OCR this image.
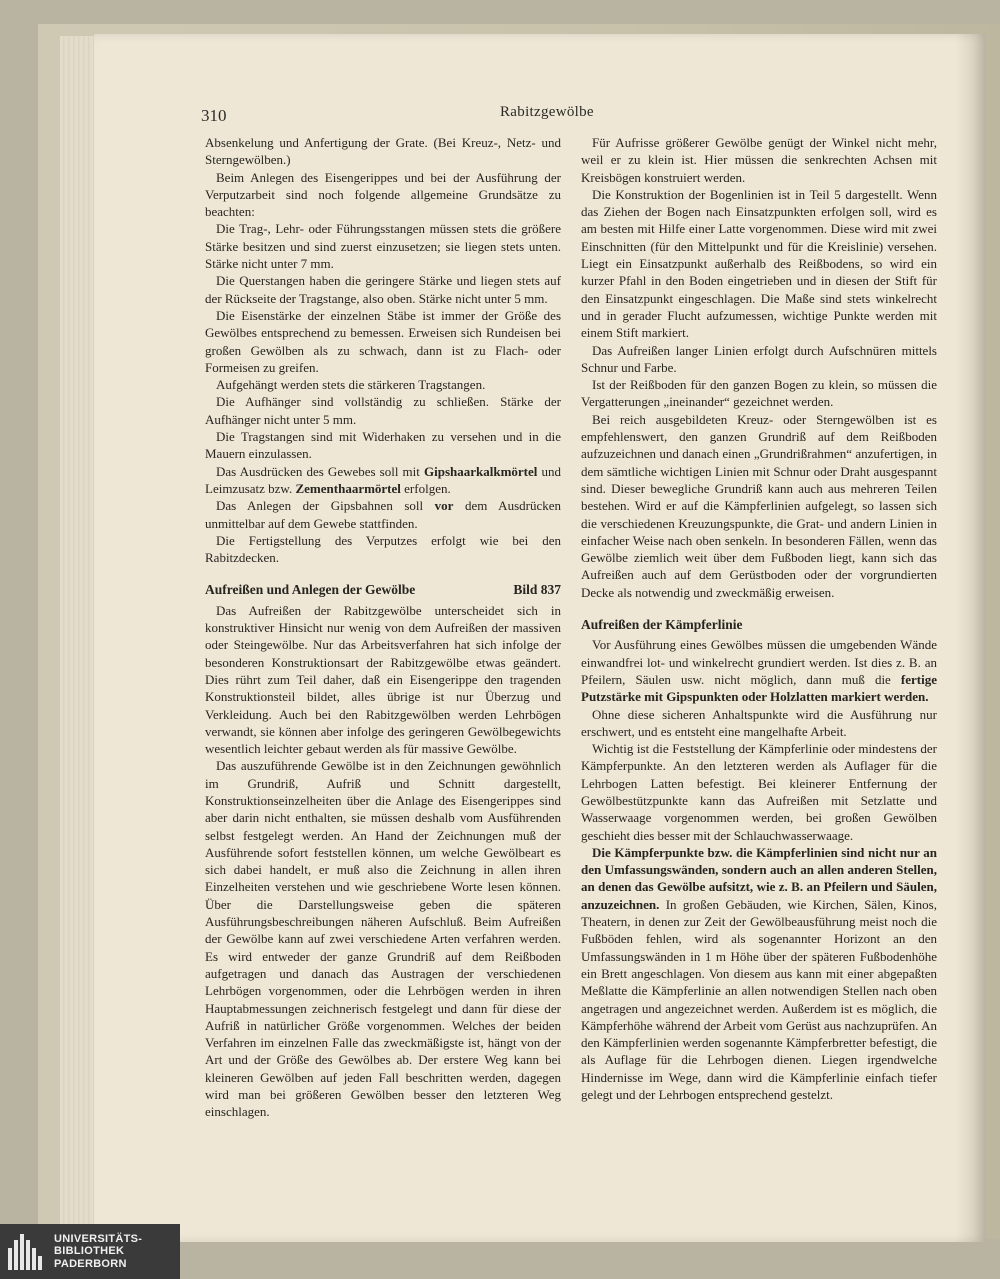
310	Rabitzgewölbe

Absenkelung und Anfertigung der Grate. (Bei Kreuz-, Netz- und Sterngewölben.)

Beim Anlegen des Eisengerippes und bei der Ausführung der Verputzarbeit sind noch folgende allgemeine Grundsätze zu beachten:

Die Trag-, Lehr- oder Führungsstangen müssen stets die größere Stärke besitzen und sind zuerst einzusetzen; sie liegen stets unten. Stärke nicht unter 7 mm.

Die Querstangen haben die geringere Stärke und liegen stets auf der Rückseite der Tragstange, also oben. Stärke nicht unter 5 mm.

Die Eisenstärke der einzelnen Stäbe ist immer der Größe des Gewölbes entsprechend zu bemessen. Erweisen sich Rundeisen bei großen Gewölben als zu schwach, dann ist zu Flach- oder Formeisen zu greifen.

Aufgehängt werden stets die stärkeren Tragstangen.

Die Aufhänger sind vollständig zu schließen. Stärke der Aufhänger nicht unter 5 mm.

Die Tragstangen sind mit Widerhaken zu versehen und in die Mauern einzulassen.

Das Ausdrücken des Gewebes soll mit Gipshaarkalkmörtel und Leimzusatz bzw. Zementhaarmörtel erfolgen.

Das Anlegen der Gipsbahnen soll vor dem Ausdrücken unmittelbar auf dem Gewebe stattfinden.

Die Fertigstellung des Verputzes erfolgt wie bei den Rabitzdecken.

Aufreißen und Anlegen der Gewölbe	Bild 837

Das Aufreißen der Rabitzgewölbe unterscheidet sich in konstruktiver Hinsicht nur wenig von dem Aufreißen der massiven oder Steingewölbe. Nur das Arbeitsverfahren hat sich infolge der besonderen Konstruktionsart der Rabitzgewölbe etwas geändert. Dies rührt zum Teil daher, daß ein Eisengerippe den tragenden Konstruktionsteil bildet, alles übrige ist nur Überzug und Verkleidung. Auch bei den Rabitzgewölben werden Lehrbögen verwandt, sie können aber infolge des geringeren Gewölbegewichts wesentlich leichter gebaut werden als für massive Gewölbe.

Das auszuführende Gewölbe ist in den Zeichnungen gewöhnlich im Grundriß, Aufriß und Schnitt dargestellt, Konstruktionseinzelheiten über die Anlage des Eisengerippes sind aber darin nicht enthalten, sie müssen deshalb vom Ausführenden selbst festgelegt werden. An Hand der Zeichnungen muß der Ausführende sofort feststellen können, um welche Gewölbeart es sich dabei handelt, er muß also die Zeichnung in allen ihren Einzelheiten verstehen und wie geschriebene Worte lesen können. Über die Darstellungsweise geben die späteren Ausführungsbeschreibungen näheren Aufschluß. Beim Aufreißen der Gewölbe kann auf zwei verschiedene Arten verfahren werden. Es wird entweder der ganze Grundriß auf dem Reißboden aufgetragen und danach das Austragen der verschiedenen Lehrbögen vorgenommen, oder die Lehrbögen werden in ihren Hauptabmessungen zeichnerisch festgelegt und dann für diese der Aufriß in natürlicher Größe vorgenommen. Welches der beiden Verfahren im einzelnen Falle das zweckmäßigste ist, hängt von der Art und der Größe des Gewölbes ab. Der erstere Weg kann bei kleineren Gewölben auf jeden Fall beschritten werden, dagegen wird man bei größeren Gewölben besser den letzteren Weg einschlagen.

Für Aufrisse größerer Gewölbe genügt der Winkel nicht mehr, weil er zu klein ist. Hier müssen die senkrechten Achsen mit Kreisbögen konstruiert werden.

Die Konstruktion der Bogenlinien ist in Teil 5 dargestellt. Wenn das Ziehen der Bogen nach Einsatzpunkten erfolgen soll, wird es am besten mit Hilfe einer Latte vorgenommen. Diese wird mit zwei Einschnitten (für den Mittelpunkt und für die Kreislinie) versehen. Liegt ein Einsatzpunkt außerhalb des Reißbodens, so wird ein kurzer Pfahl in den Boden eingetrieben und in diesen der Stift für den Einsatzpunkt eingeschlagen. Die Maße sind stets winkelrecht und in gerader Flucht aufzumessen, wichtige Punkte werden mit einem Stift markiert.

Das Aufreißen langer Linien erfolgt durch Aufschnüren mittels Schnur und Farbe.

Ist der Reißboden für den ganzen Bogen zu klein, so müssen die Vergatterungen „ineinander“ gezeichnet werden.

Bei reich ausgebildeten Kreuz- oder Sterngewölben ist es empfehlenswert, den ganzen Grundriß auf dem Reißboden aufzuzeichnen und danach einen „Grundrißrahmen“ anzufertigen, in dem sämtliche wichtigen Linien mit Schnur oder Draht ausgespannt sind. Dieser bewegliche Grundriß kann auch aus mehreren Teilen bestehen. Wird er auf die Kämpferlinien aufgelegt, so lassen sich die verschiedenen Kreuzungspunkte, die Grat- und andern Linien in einfacher Weise nach oben senkeln. In besonderen Fällen, wenn das Gewölbe ziemlich weit über dem Fußboden liegt, kann sich das Aufreißen auch auf dem Gerüstboden oder der vorgrundierten Decke als notwendig und zweckmäßig erweisen.

Aufreißen der Kämpferlinie

Vor Ausführung eines Gewölbes müssen die umgebenden Wände einwandfrei lot- und winkelrecht grundiert werden. Ist dies z. B. an Pfeilern, Säulen usw. nicht möglich, dann muß die fertige Putzstärke mit Gipspunkten oder Holzlatten markiert werden.

Ohne diese sicheren Anhaltspunkte wird die Ausführung nur erschwert, und es entsteht eine mangelhafte Arbeit.

Wichtig ist die Feststellung der Kämpferlinie oder mindestens der Kämpferpunkte. An den letzteren werden als Auflager für die Lehrbogen Latten befestigt. Bei kleinerer Entfernung der Gewölbestützpunkte kann das Aufreißen mit Setzlatte und Wasserwaage vorgenommen werden, bei großen Gewölben geschieht dies besser mit der Schlauchwasserwaage.

Die Kämpferpunkte bzw. die Kämpferlinien sind nicht nur an den Umfassungswänden, sondern auch an allen anderen Stellen, an denen das Gewölbe aufsitzt, wie z. B. an Pfeilern und Säulen, anzuzeichnen. In großen Gebäuden, wie Kirchen, Sälen, Kinos, Theatern, in denen zur Zeit der Gewölbeausführung meist noch die Fußböden fehlen, wird als sogenannter Horizont an den Umfassungswänden in 1 m Höhe über der späteren Fußbodenhöhe ein Brett angeschlagen. Von diesem aus kann mit einer abgepaßten Meßlatte die Kämpferlinie an allen notwendigen Stellen nach oben angetragen und angezeichnet werden. Außerdem ist es möglich, die Kämpferhöhe während der Arbeit vom Gerüst aus nachzuprüfen. An den Kämpferlinien werden sogenannte Kämpferbretter befestigt, die als Auflage für die Lehrbogen dienen. Liegen irgendwelche Hindernisse im Wege, dann wird die Kämpferlinie einfach tiefer gelegt und der Lehrbogen entsprechend gestelzt.

UNIVERSITÄTS-
BIBLIOTHEK
PADERBORN
